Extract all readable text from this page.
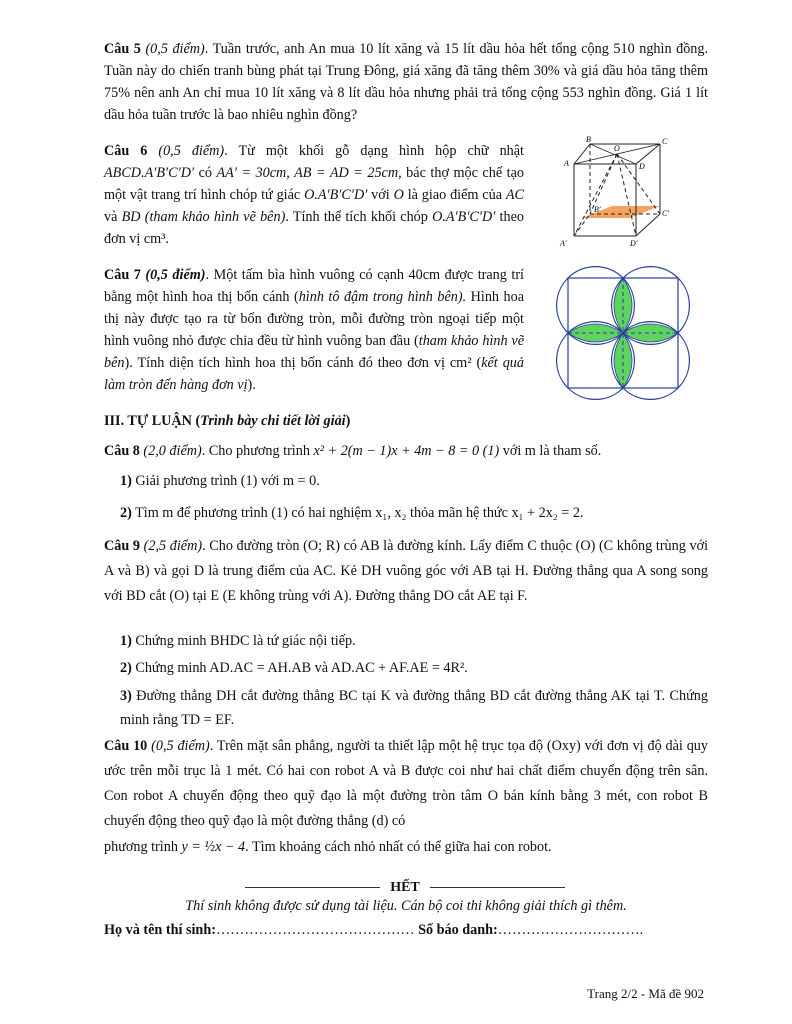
Câu 5 (0,5 điểm). Tuần trước, anh An mua 10 lít xăng và 15 lít dầu hỏa hết tổng cộng 510 nghìn đồng. Tuần này do chiến tranh bùng phát tại Trung Đông, giá xăng đã tăng thêm 30% và giá dầu hỏa tăng thêm 75% nên anh An chỉ mua 10 lít xăng và 8 lít dầu hỏa nhưng phải trả tổng cộng 553 nghìn đồng. Giá 1 lít dầu hỏa tuần trước là bao nhiêu nghìn đồng?
Câu 6 (0,5 điểm). Từ một khối gỗ dạng hình hộp chữ nhật ABCD.A′B′C′D′ có AA′ = 30cm, AB = AD = 25cm, bác thợ mộc chế tạo một vật trang trí hình chóp tứ giác O.A′B′C′D′ với O là giao điểm của AC và BD (tham khảo hình vẽ bên). Tính thể tích khối chóp O.A′B′C′D′ theo đơn vị cm³.
B
O
C
A	D
B′	C′
A′	D′
Câu 7 (0,5 điểm). Một tấm bìa hình vuông có cạnh 40cm được trang trí bằng một hình hoa thị bốn cánh (hình tô đậm trong hình bên). Hình hoa thị này được tạo ra từ bốn đường tròn, mỗi đường tròn ngoại tiếp một hình vuông nhỏ được chia đều từ hình vuông ban đầu (tham khảo hình vẽ bên). Tính diện tích hình hoa thị bốn cánh đó theo đơn vị cm² (kết quả làm tròn đến hàng đơn vị).
III. TỰ LUẬN (Trình bày chi tiết lời giải)
Câu 8 (2,0 điểm). Cho phương trình x² + 2(m − 1)x + 4m − 8 = 0 (1) với m là tham số.
1) Giải phương trình (1) với m = 0.
2) Tìm m để phương trình (1) có hai nghiệm x₁, x₂ thỏa mãn hệ thức x₁ + 2x₂ = 2.
Câu 9 (2,5 điểm). Cho đường tròn (O; R) có AB là đường kính. Lấy điểm C thuộc (O) (C không trùng với A và B) và gọi D là trung điểm của AC. Kẻ DH vuông góc với AB tại H. Đường thẳng qua A song song với BD cắt (O) tại E (E không trùng với A). Đường thẳng DO cắt AE tại F.
1) Chứng minh BHDC là tứ giác nội tiếp.
2) Chứng minh AD.AC = AH.AB và AD.AC + AF.AE = 4R².
3) Đường thẳng DH cắt đường thẳng BC tại K và đường thẳng BD cắt đường thẳng AK tại T. Chứng minh rằng TD = EF.
Câu 10 (0,5 điểm). Trên mặt sân phẳng, người ta thiết lập một hệ trục tọa độ (Oxy) với đơn vị độ dài quy ước trên mỗi trục là 1 mét. Có hai con robot A và B được coi như hai chất điểm chuyển động trên sân. Con robot A chuyển động theo quỹ đạo là một đường tròn tâm O bán kính bằng 3 mét, con robot B chuyển động theo quỹ đạo là một đường thẳng (d) có
phương trình y = ½x − 4. Tìm khoảng cách nhỏ nhất có thể giữa hai con robot.
HẾT
Thí sinh không được sử dụng tài liệu. Cán bộ coi thi không giải thích gì thêm.
Họ và tên thí sinh:…………………………………… Số báo danh:………………………….
Trang 2/2 - Mã đề 902
